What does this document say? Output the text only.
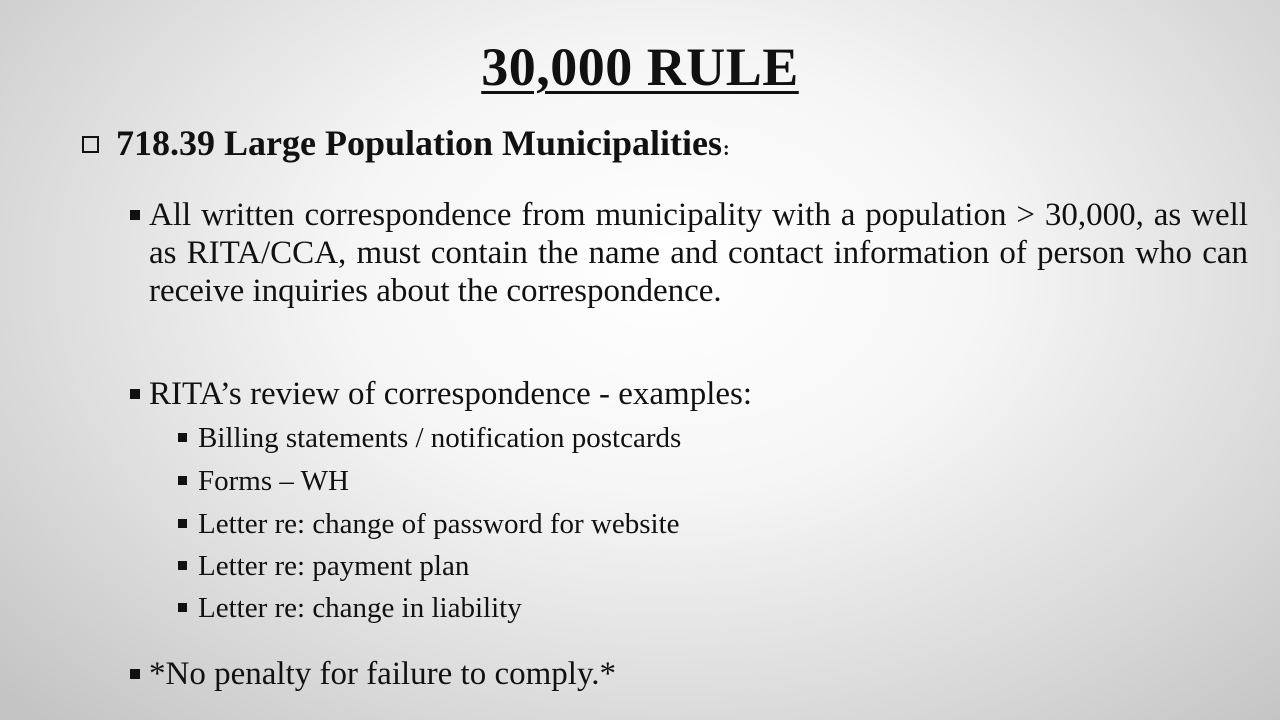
30,000 RULE
718.39 Large Population Municipalities :
All written correspondence from municipality with a population > 30,000, as well as RITA/CCA, must contain the name and contact information of person who can receive inquiries about the correspondence.
RITA’s review of correspondence - examples:
Billing statements / notification postcards
Forms – WH
Letter re: change of password for website
Letter re: payment plan
Letter re: change in liability
*No penalty for failure to comply.*
